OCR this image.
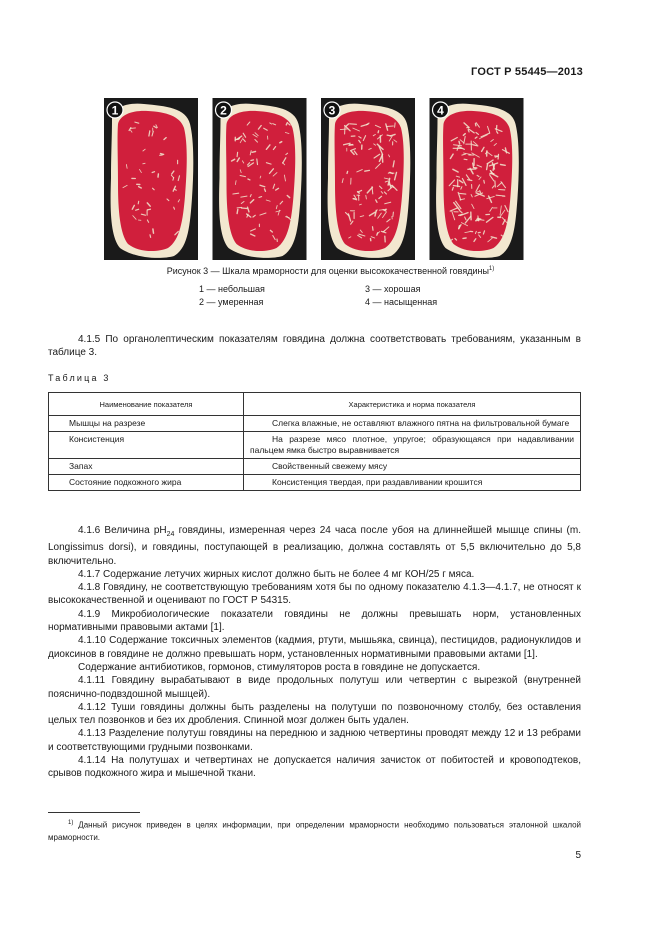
ГОСТ Р 55445—2013
1	2	3	4
Рисунок 3 — Шкала мраморности для оценки высококачественной говядины$^{1)}$
1 — небольшая
2 — умеренная
3 — хорошая
4 — насыщенная
4.1.5 По органолептическим показателям говядина должна соответствовать требованиям, указанным в таблице 3.
Таблица 3
Наименование показателя	Характеристика и норма показателя
Мышцы на разрезе	Слегка влажные, не оставляют влажного пятна на фильтровальной бумаге
Консистенция	На разрезе мясо плотное, упругое; образующаяся при надавливании пальцем ямка быстро выравнивается
Запах	Свойственный свежему мясу
Состояние подкожного жира	Консистенция твердая, при раздавливании крошится
4.1.6 Величина $pH_{24}$ говядины, измеренная через 24 часа после убоя на длиннейшей мышце спины (m. Longissimus dorsi), и говядины, поступающей в реализацию, должна составлять от 5,5 включительно до 5,8 включительно.
4.1.7 Содержание летучих жирных кислот должно быть не более 4 мг КОН/25 г мяса.
4.1.8 Говядину, не соответствующую требованиям хотя бы по одному показателю 4.1.3—4.1.7, не относят к высококачественной и оценивают по ГОСТ Р 54315.
4.1.9 Микробиологические показатели говядины не должны превышать норм, установленных нормативными правовыми актами [1].
4.1.10 Содержание токсичных элементов (кадмия, ртути, мышьяка, свинца), пестицидов, радионуклидов и диоксинов в говядине не должно превышать норм, установленных нормативными правовыми актами [1].
Содержание антибиотиков, гормонов, стимуляторов роста в говядине не допускается.
4.1.11 Говядину вырабатывают в виде продольных полутуш или четвертин с вырезкой (внутренней пояснично-подвздошной мышцей).
4.1.12 Туши говядины должны быть разделены на полутуши по позвоночному столбу, без оставления целых тел позвонков и без их дробления. Спинной мозг должен быть удален.
4.1.13 Разделение полутуш говядины на переднюю и заднюю четвертины проводят между 12 и 13 ребрами и соответствующими грудными позвонками.
4.1.14 На полутушах и четвертинах не допускается наличия зачисток от побитостей и кровоподтеков, срывов подкожного жира и мышечной ткани.
$^{1)}$ Данный рисунок приведен в целях информации, при определении мраморности необходимо пользоваться эталонной шкалой мраморности.
5
